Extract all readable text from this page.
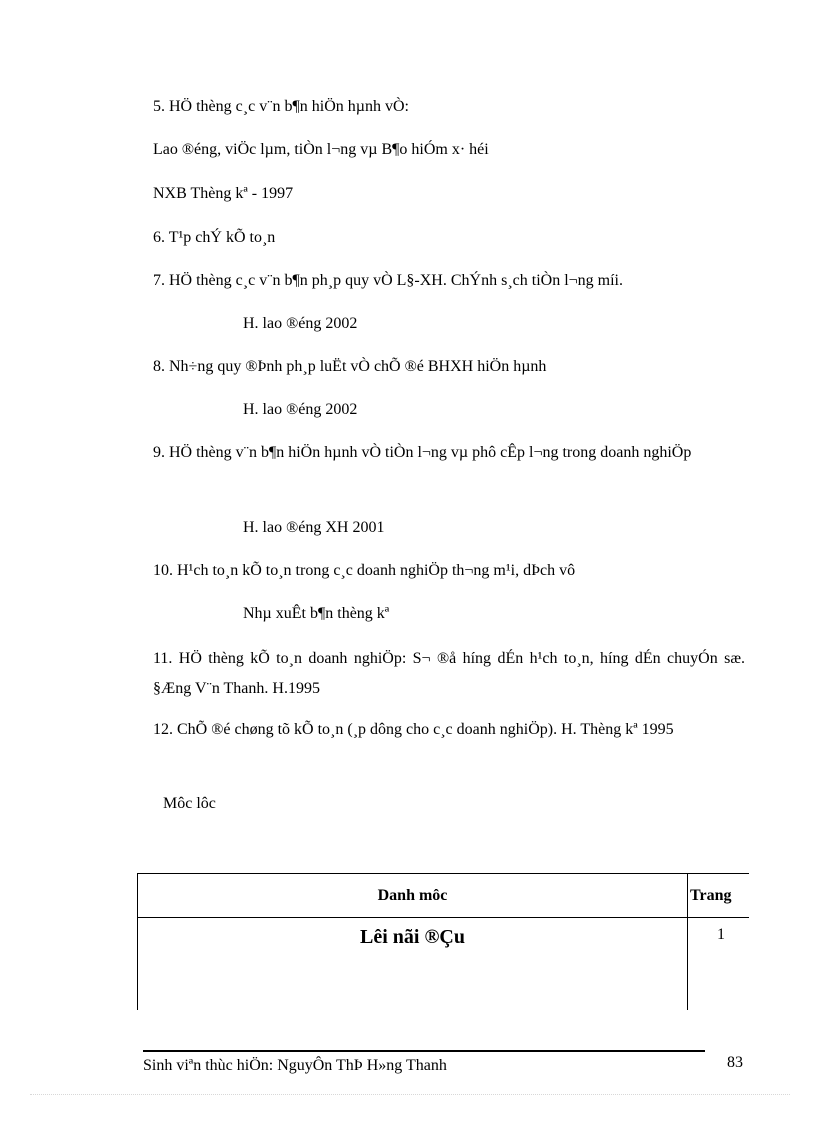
5. HÖ thèng c¸c v¨n b¶n hiÖn hµnh vÒ:
Lao ®éng, viÖc lµm, tiÒn l¬ng vµ B¶o hiÓm x· héi
NXB Thèng kª - 1997
6. T¹p chÝ kÕ to¸n
7. HÖ thèng c¸c v¨n b¶n ph¸p quy vÒ L§-XH. ChÝnh s¸ch tiÒn l¬ng míi.
H. lao ®éng 2002
8. Nh÷ng quy ®Þnh ph¸p luËt vÒ chÕ ®é BHXH hiÖn hµnh
H. lao ®éng 2002
9. HÖ thèng v¨n b¶n hiÖn hµnh vÒ tiÒn l¬ng vµ phô cÊp l¬ng trong doanh nghiÖp
H. lao ®éng XH 2001
10. H¹ch to¸n kÕ to¸n trong c¸c doanh nghiÖp th¬ng m¹i, dÞch vô
Nhµ xuÊt b¶n thèng kª
11. HÖ thèng kÕ to¸n doanh nghiÖp: S¬ ®å híng dÉn h¹ch to¸n, híng dÉn chuyÓn sæ. §Æng V¨n Thanh. H.1995
12. ChÕ ®é chøng tõ kÕ to¸n (¸p dông cho c¸c doanh nghiÖp). H. Thèng kª 1995
Môc lôc
Danh môc	Trang
Lêi nãi ®Çu	1
Sinh viªn thùc hiÖn: NguyÔn ThÞ H»ng Thanh	83
